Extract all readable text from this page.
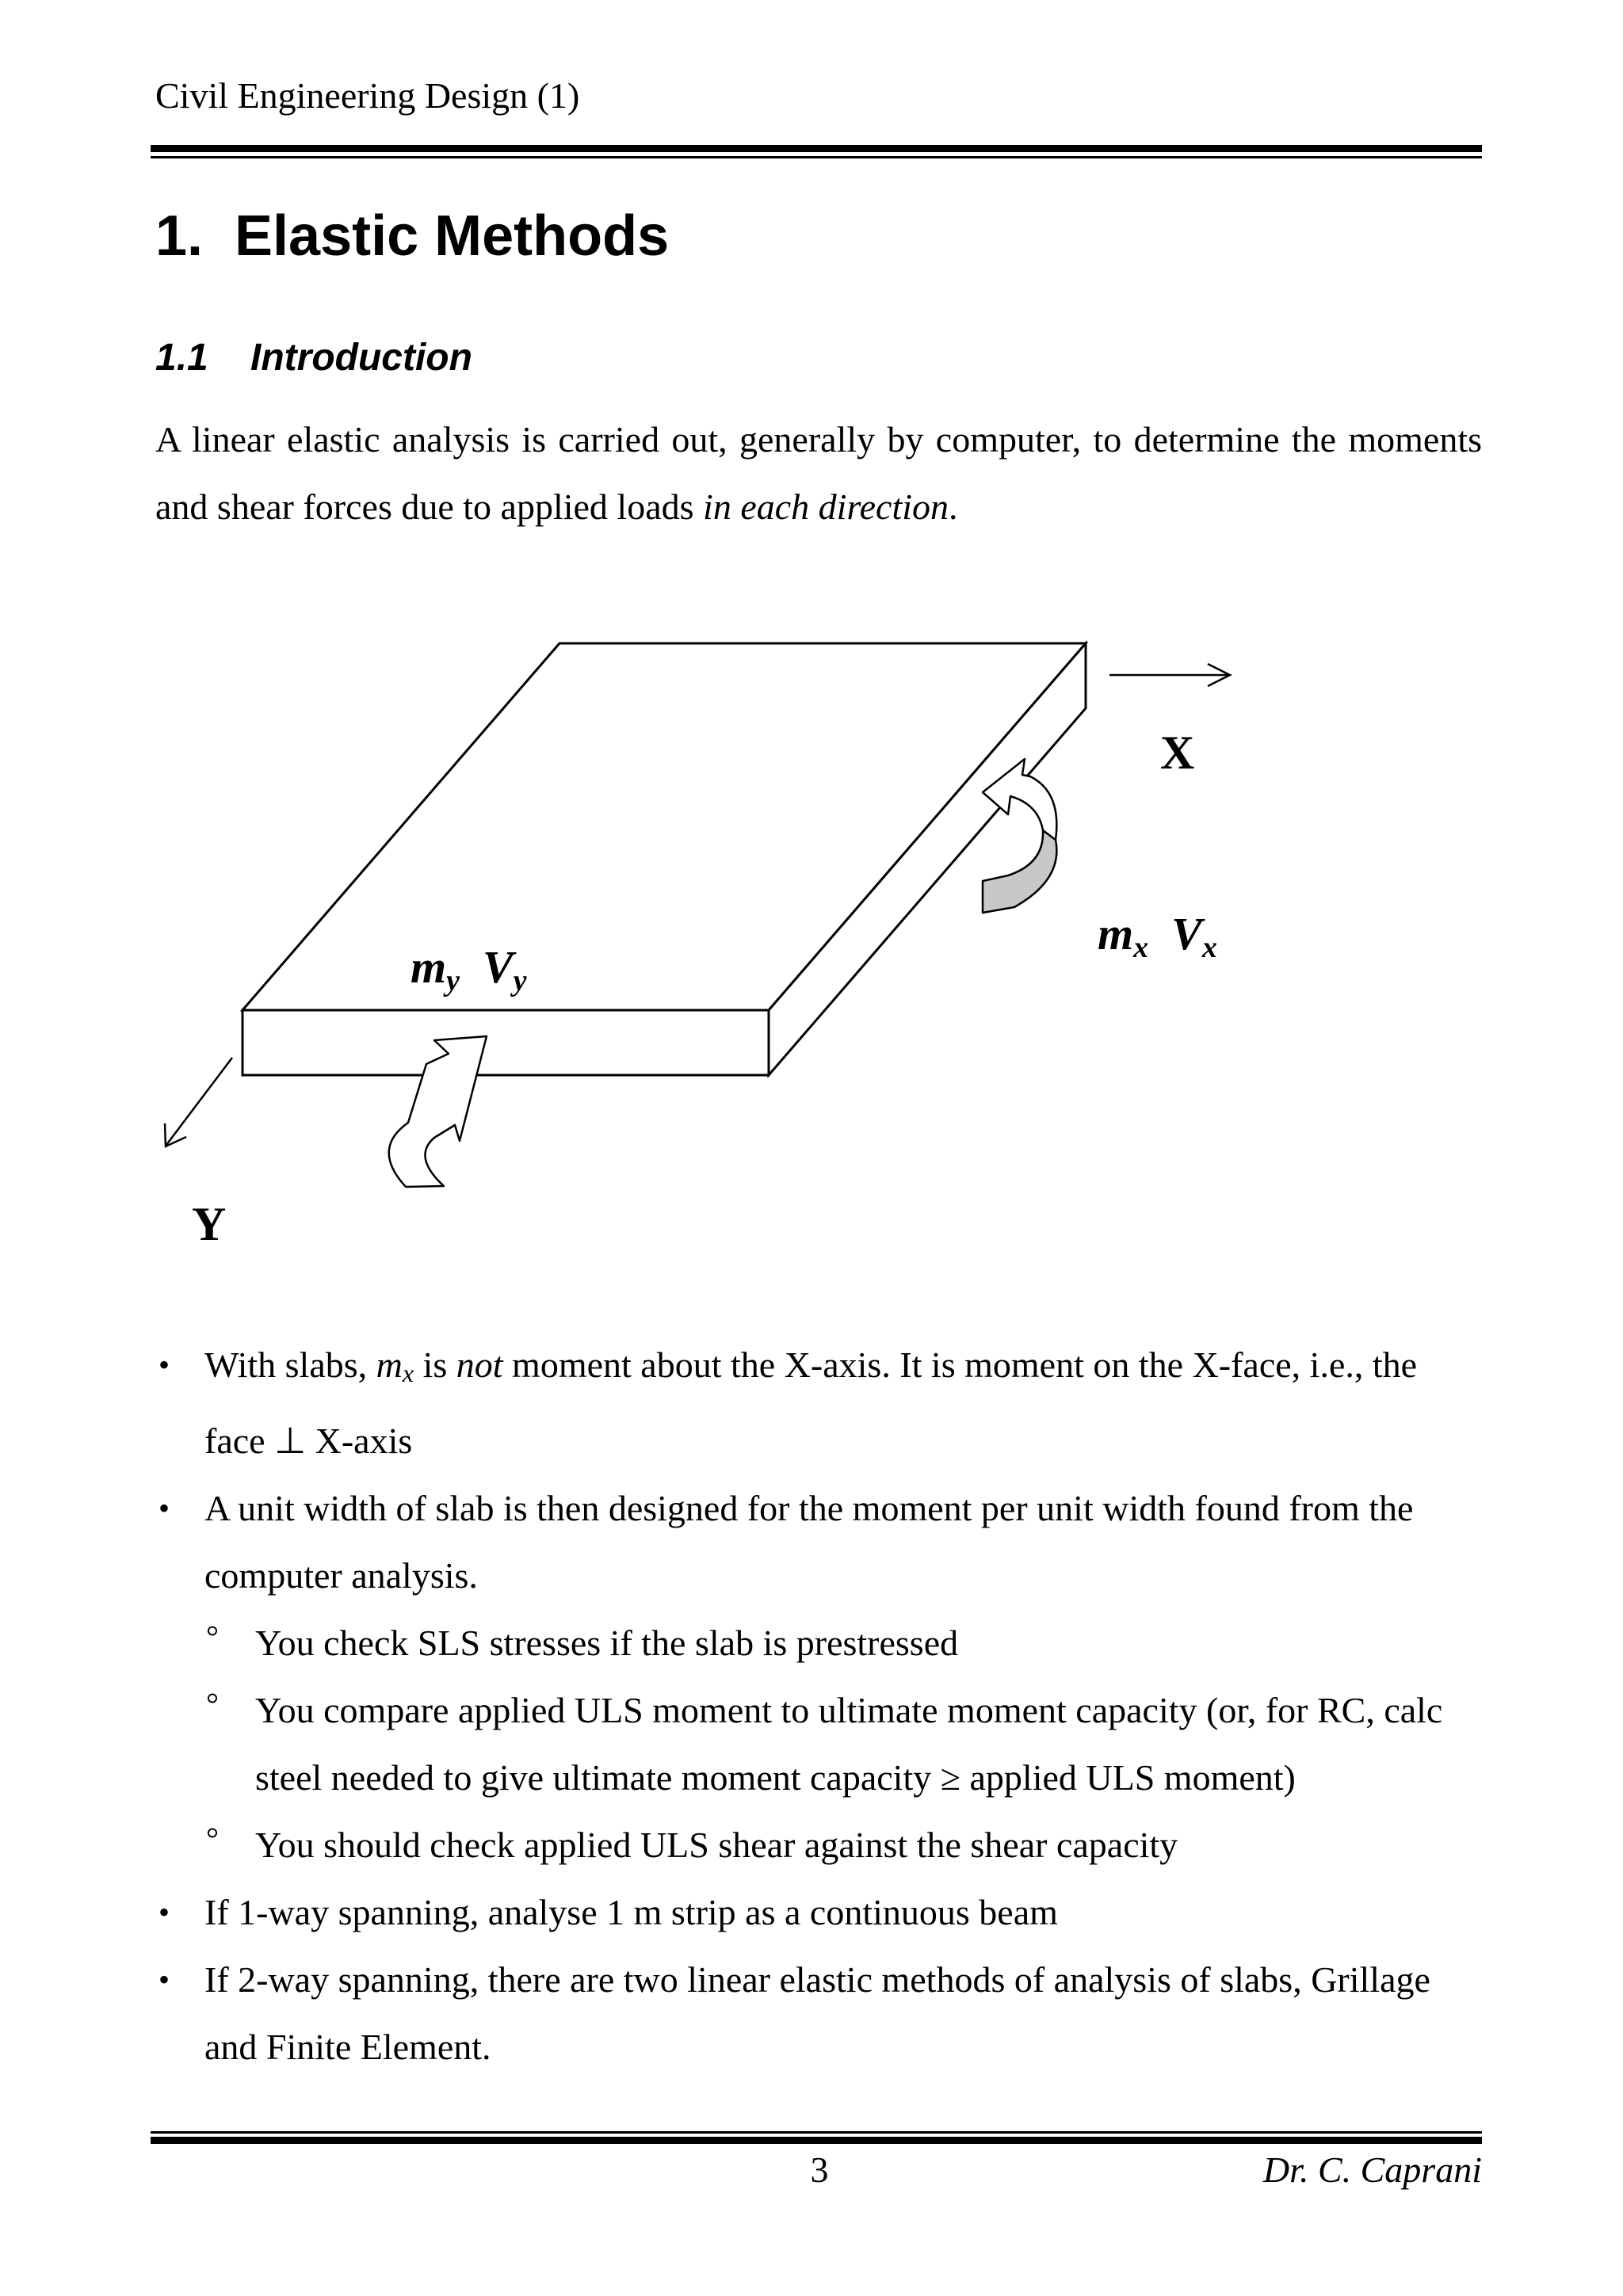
Civil Engineering Design (1)
1. Elastic Methods
1.1 Introduction

A linear elastic analysis is carried out, generally by computer, to determine the moments and shear forces due to applied loads in each direction.

X
Y
$m_x$ $V_x$
$m_y$ $V_y$
• With slabs, $m_x$ is not moment about the X-axis. It is moment on the X-face, i.e., the face ⊥ X-axis
• A unit width of slab is then designed for the moment per unit width found from the computer analysis.
° You check SLS stresses if the slab is prestressed
° You compare applied ULS moment to ultimate moment capacity (or, for RC, calc steel needed to give ultimate moment capacity ≥ applied ULS moment)
° You should check applied ULS shear against the shear capacity
• If 1-way spanning, analyse 1 m strip as a continuous beam
• If 2-way spanning, there are two linear elastic methods of analysis of slabs, Grillage and Finite Element.
3	Dr. C. Caprani
